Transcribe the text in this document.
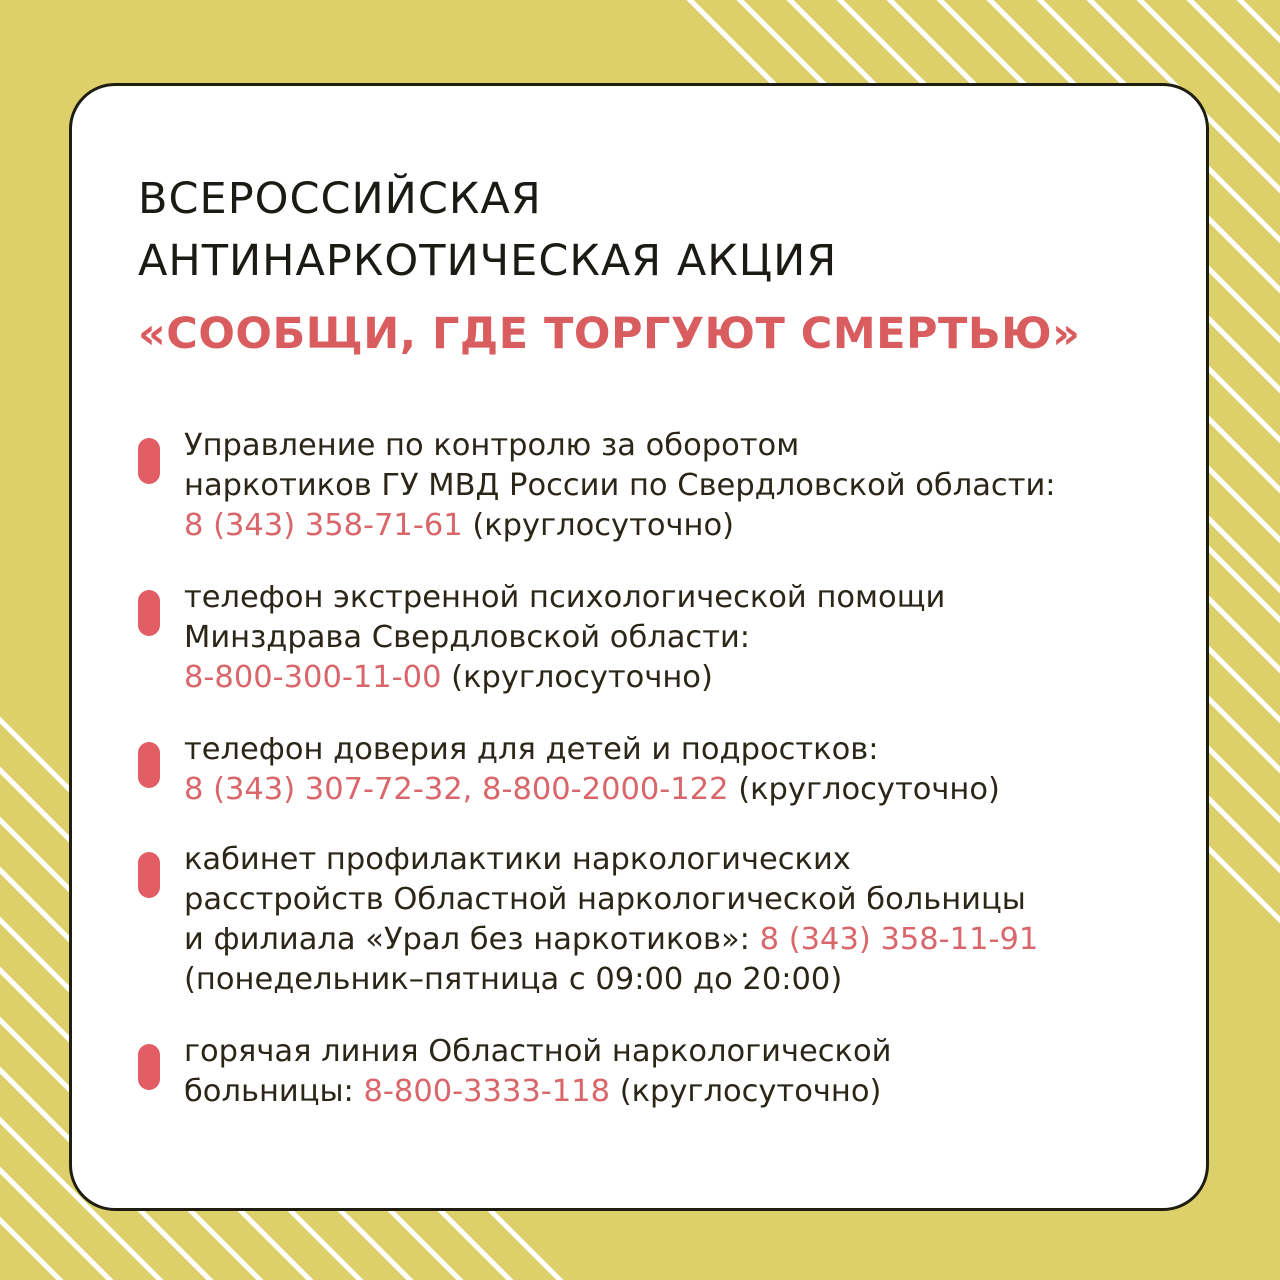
ВСЕРОССИЙСКАЯ
АНТИНАРКОТИЧЕСКАЯ АКЦИЯ
«СООБЩИ, ГДЕ ТОРГУЮТ СМЕРТЬЮ»
Управление по контролю за оборотом
наркотиков ГУ МВД России по Свердловской области:
8 (343) 358-71-61 (круглосуточно)
телефон экстренной психологической помощи
Минздрава Свердловской области:
8-800-300-11-00 (круглосуточно)
телефон доверия для детей и подростков:
8 (343) 307-72-32, 8-800-2000-122 (круглосуточно)
кабинет профилактики наркологических
расстройств Областной наркологической больницы
и филиала «Урал без наркотиков»: 8 (343) 358-11-91
(понедельник–пятница с 09:00 до 20:00)
горячая линия Областной наркологической
больницы: 8-800-3333-118 (круглосуточно)
